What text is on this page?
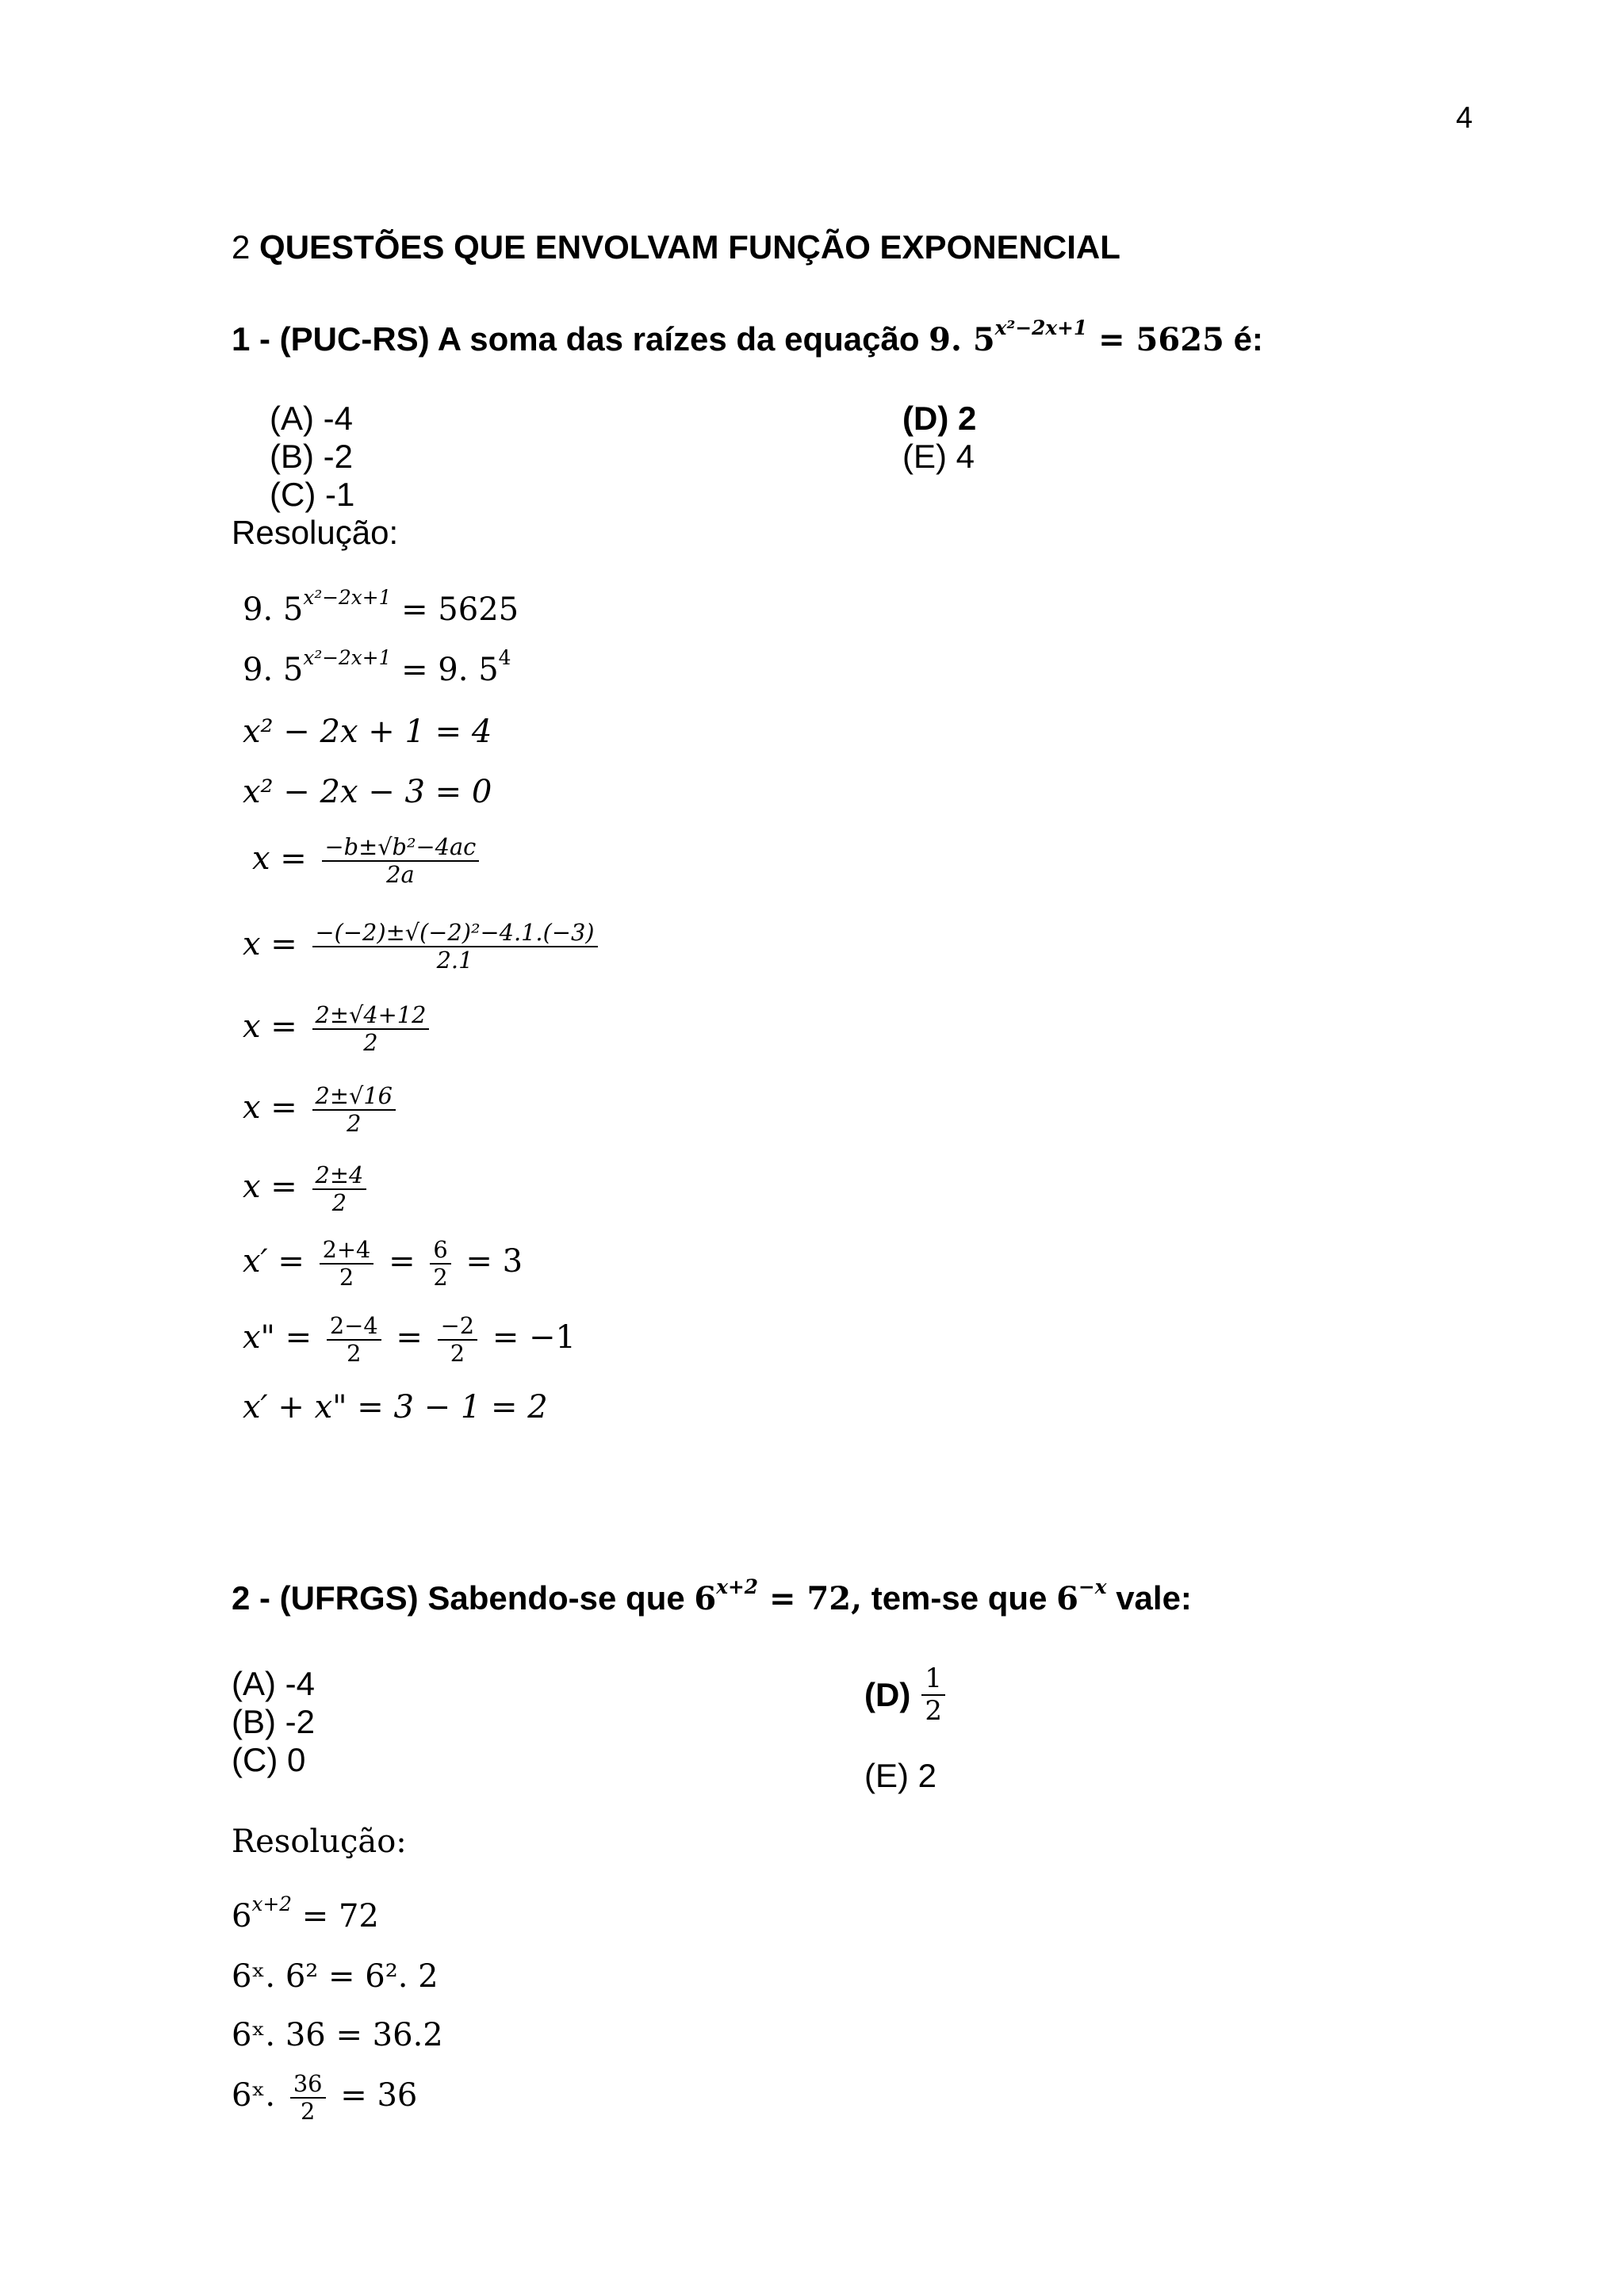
4
2 QUESTÕES QUE ENVOLVAM FUNÇÃO EXPONENCIAL
1 - (PUC-RS) A soma das raízes da equação 9. $5^{x^2-2x+1} = 5625$ é:
(A) -4
(B) -2
(C) -1
(D) 2
(E) 4
Resolução:
9. $5^{x^2-2x+1} = 5625$
9. $5^{x^2-2x+1} = 9$. $5^4$
x² − 2x + 1 = 4
x² − 2x − 3 = 0
$x = \frac{\text{−b±√b²−4ac}}{2a}$
$x = \frac{\text{−(−2)±√(−2)²−4.1.(−3)}}{2.1}$
$x = \frac{2\pm√4+12}{2}$
$x = \frac{2\pm√16}{2}$
$x = \frac{2\pm 4}{2}$
$x' = \frac{2+4}{2} = \frac{6}{2} = 3$
x" = $\frac{2-4}{2} = \frac{-2}{2} = -1$
x′ + x" = 3 − 1 = 2
2 - (UFRGS) Sabendo-se que $6^{x+2} = 72$, tem-se que $6^{-x}$ vale:
(A) -4
(B) -2
(C) 0
$(D) \frac{1}{2}$
(E) 2
Resolução:
$6^{x+2} = 72$
6ˣ. 6² = 6². 2
6ˣ. 36 = 36.2
6ˣ. $\frac{36}{2} = 36$
